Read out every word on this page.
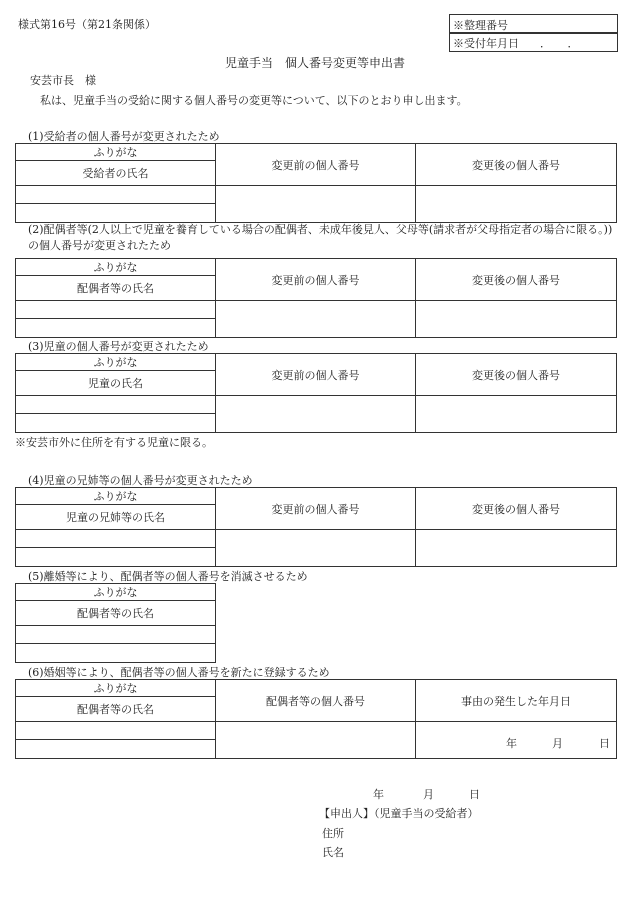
様式第16号（第21条関係）	※整理番号
※受付年月日 ．　　．
児童手当　個人番号変更等申出書
安芸市長　様
私は、児童手当の受給に関する個人番号の変更等について、以下のとおり申し出ます。
(1)受給者の個人番号が変更されたため
ふりがな	変更前の個人番号	変更後の個人番号
受給者の氏名		

(2)配偶者等(2人以上で児童を養育している場合の配偶者、未成年後見人、父母等(請求者が父母指定者の場合に限る。))の個人番号が変更されたため
ふりがな	変更前の個人番号	変更後の個人番号
配偶者等の氏名		

(3)児童の個人番号が変更されたため
ふりがな	変更前の個人番号	変更後の個人番号
児童の氏名		

※安芸市外に住所を有する児童に限る。
(4)児童の兄姉等の個人番号が変更されたため
ふりがな	変更前の個人番号	変更後の個人番号
児童の兄姉等の氏名		

(5)離婚等により、配偶者等の個人番号を消滅させるため
ふりがな
配偶者等の氏名

(6)婚姻等により、配偶者等の個人番号を新たに登録するため
ふりがな	配偶者等の個人番号	事由の発生した年月日
配偶者等の氏名		

		年 月 日

年	月	日
【申出人】（児童手当の受給者）
住所
氏名
